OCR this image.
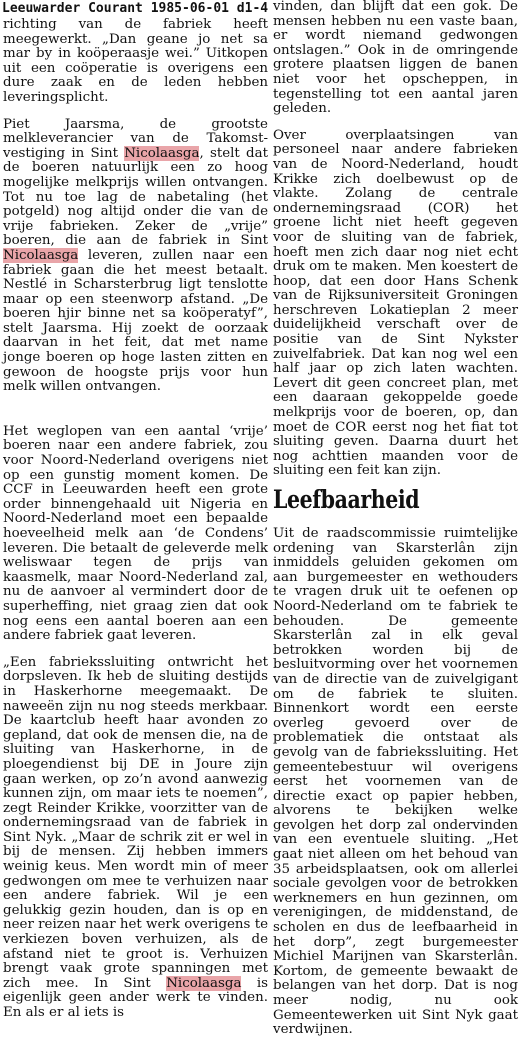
Leeuwarder Courant 1985-06-01 d1-4

richting van de fabriek heeft meegewerkt. „Dan geane jo net sa mar by in koöperaasje wei.” Uitkopen uit een coöperatie is overigens een dure zaak en de leden hebben leveringsplicht.

Piet Jaarsma, de grootste melkleverancier van de Takomst-vestiging in Sint Nicolaasga, stelt dat de boeren natuurlijk een zo hoog mogelijke melkprijs willen ontvangen. Tot nu toe lag de nabetaling (het potgeld) nog altijd onder die van de vrije fabrieken. Zeker de „vrije” boeren, die aan de fabriek in Sint Nicolaasga leveren, zullen naar een fabriek gaan die het meest betaalt. Nestlé in Scharsterbrug ligt tenslotte maar op een steenworp afstand. „De boeren hjir binne net sa koöperatyf”, stelt Jaarsma. Hij zoekt de oorzaak daarvan in het feit, dat met name jonge boeren op hoge lasten zitten en gewoon de hoogste prijs voor hun melk willen ontvangen.

Het weglopen van een aantal ‘vrije’ boeren naar een andere fabriek, zou voor Noord-Nederland overigens niet op een gunstig moment komen. De CCF in Leeuwarden heeft een grote order binnengehaald uit Nigeria en Noord-Nederland moet een bepaalde hoeveelheid melk aan ‘de Condens’ leveren. Die betaalt de geleverde melk weliswaar tegen de prijs van kaasmelk, maar Noord-Nederland zal, nu de aanvoer al vermindert door de superheffing, niet graag zien dat ook nog eens een aantal boeren aan een andere fabriek gaat leveren.

„Een fabriekssluiting ontwricht het dorpsleven. Ik heb de sluiting destijds in Haskerhorne meegemaakt. De naweeën zijn nu nog steeds merkbaar. De kaartclub heeft haar avonden zo gepland, dat ook de mensen die, na de sluiting van Haskerhorne, in de ploegendienst bij DE in Joure zijn gaan werken, op zo’n avond aanwezig kunnen zijn, om maar iets te noemen”, zegt Reinder Krikke, voorzitter van de ondernemingsraad van de fabriek in Sint Nyk. „Maar de schrik zit er wel in bij de mensen. Zij hebben immers weinig keus. Men wordt min of meer gedwongen om mee te verhuizen naar een andere fabriek. Wil je een gelukkig gezin houden, dan is op en neer reizen naar het werk overigens te verkiezen boven verhuizen, als de afstand niet te groot is. Verhuizen brengt vaak grote spanningen met zich mee. In Sint Nicolaasga is eigenlijk geen ander werk te vinden. En als er al iets is

vinden, dan blijft dat een gok. De mensen hebben nu een vaste baan, er wordt niemand gedwongen ontslagen.” Ook in de omringende grotere plaatsen liggen de banen niet voor het opscheppen, in tegenstelling tot een aantal jaren geleden.

Over overplaatsingen van personeel naar andere fabrieken van de Noord-Nederland, houdt Krikke zich doelbewust op de vlakte. Zolang de centrale ondernemingsraad (COR) het groene licht niet heeft gegeven voor de sluiting van de fabriek, hoeft men zich daar nog niet echt druk om te maken. Men koestert de hoop, dat een door Hans Schenk van de Rijksuniversiteit Groningen herschreven Lokatieplan 2 meer duidelijkheid verschaft over de positie van de Sint Nykster zuivelfabriek. Dat kan nog wel een half jaar op zich laten wachten. Levert dit geen concreet plan, met een daaraan gekoppelde goede melkprijs voor de boeren, op, dan moet de COR eerst nog het fiat tot sluiting geven. Daarna duurt het nog achttien maanden voor de sluiting een feit kan zijn.

Leefbaarheid

Uit de raadscommissie ruimtelijke ordening van Skarsterlân zijn inmiddels geluiden gekomen om aan burgemeester en wethouders te vragen druk uit te oefenen op Noord-Nederland om te fabriek te behouden. De gemeente Skarsterlân zal in elk geval betrokken worden bij de besluitvorming over het voornemen van de directie van de zuivelgigant om de fabriek te sluiten. Binnenkort wordt een eerste overleg gevoerd over de problematiek die ontstaat als gevolg van de fabriekssluiting. Het gemeentebestuur wil overigens eerst het voornemen van de directie exact op papier hebben, alvorens te bekijken welke gevolgen het dorp zal ondervinden van een eventuele sluiting. „Het gaat niet alleen om het behoud van 35 arbeidsplaatsen, ook om allerlei sociale gevolgen voor de betrokken werknemers en hun gezinnen, om verenigingen, de middenstand, de scholen en dus de leefbaarheid in het dorp”, zegt burgemeester Michiel Marijnen van Skarsterlân. Kortom, de gemeente bewaakt de belangen van het dorp. Dat is nog meer nodig, nu ook Gemeentewerken uit Sint Nyk gaat verdwijnen.
